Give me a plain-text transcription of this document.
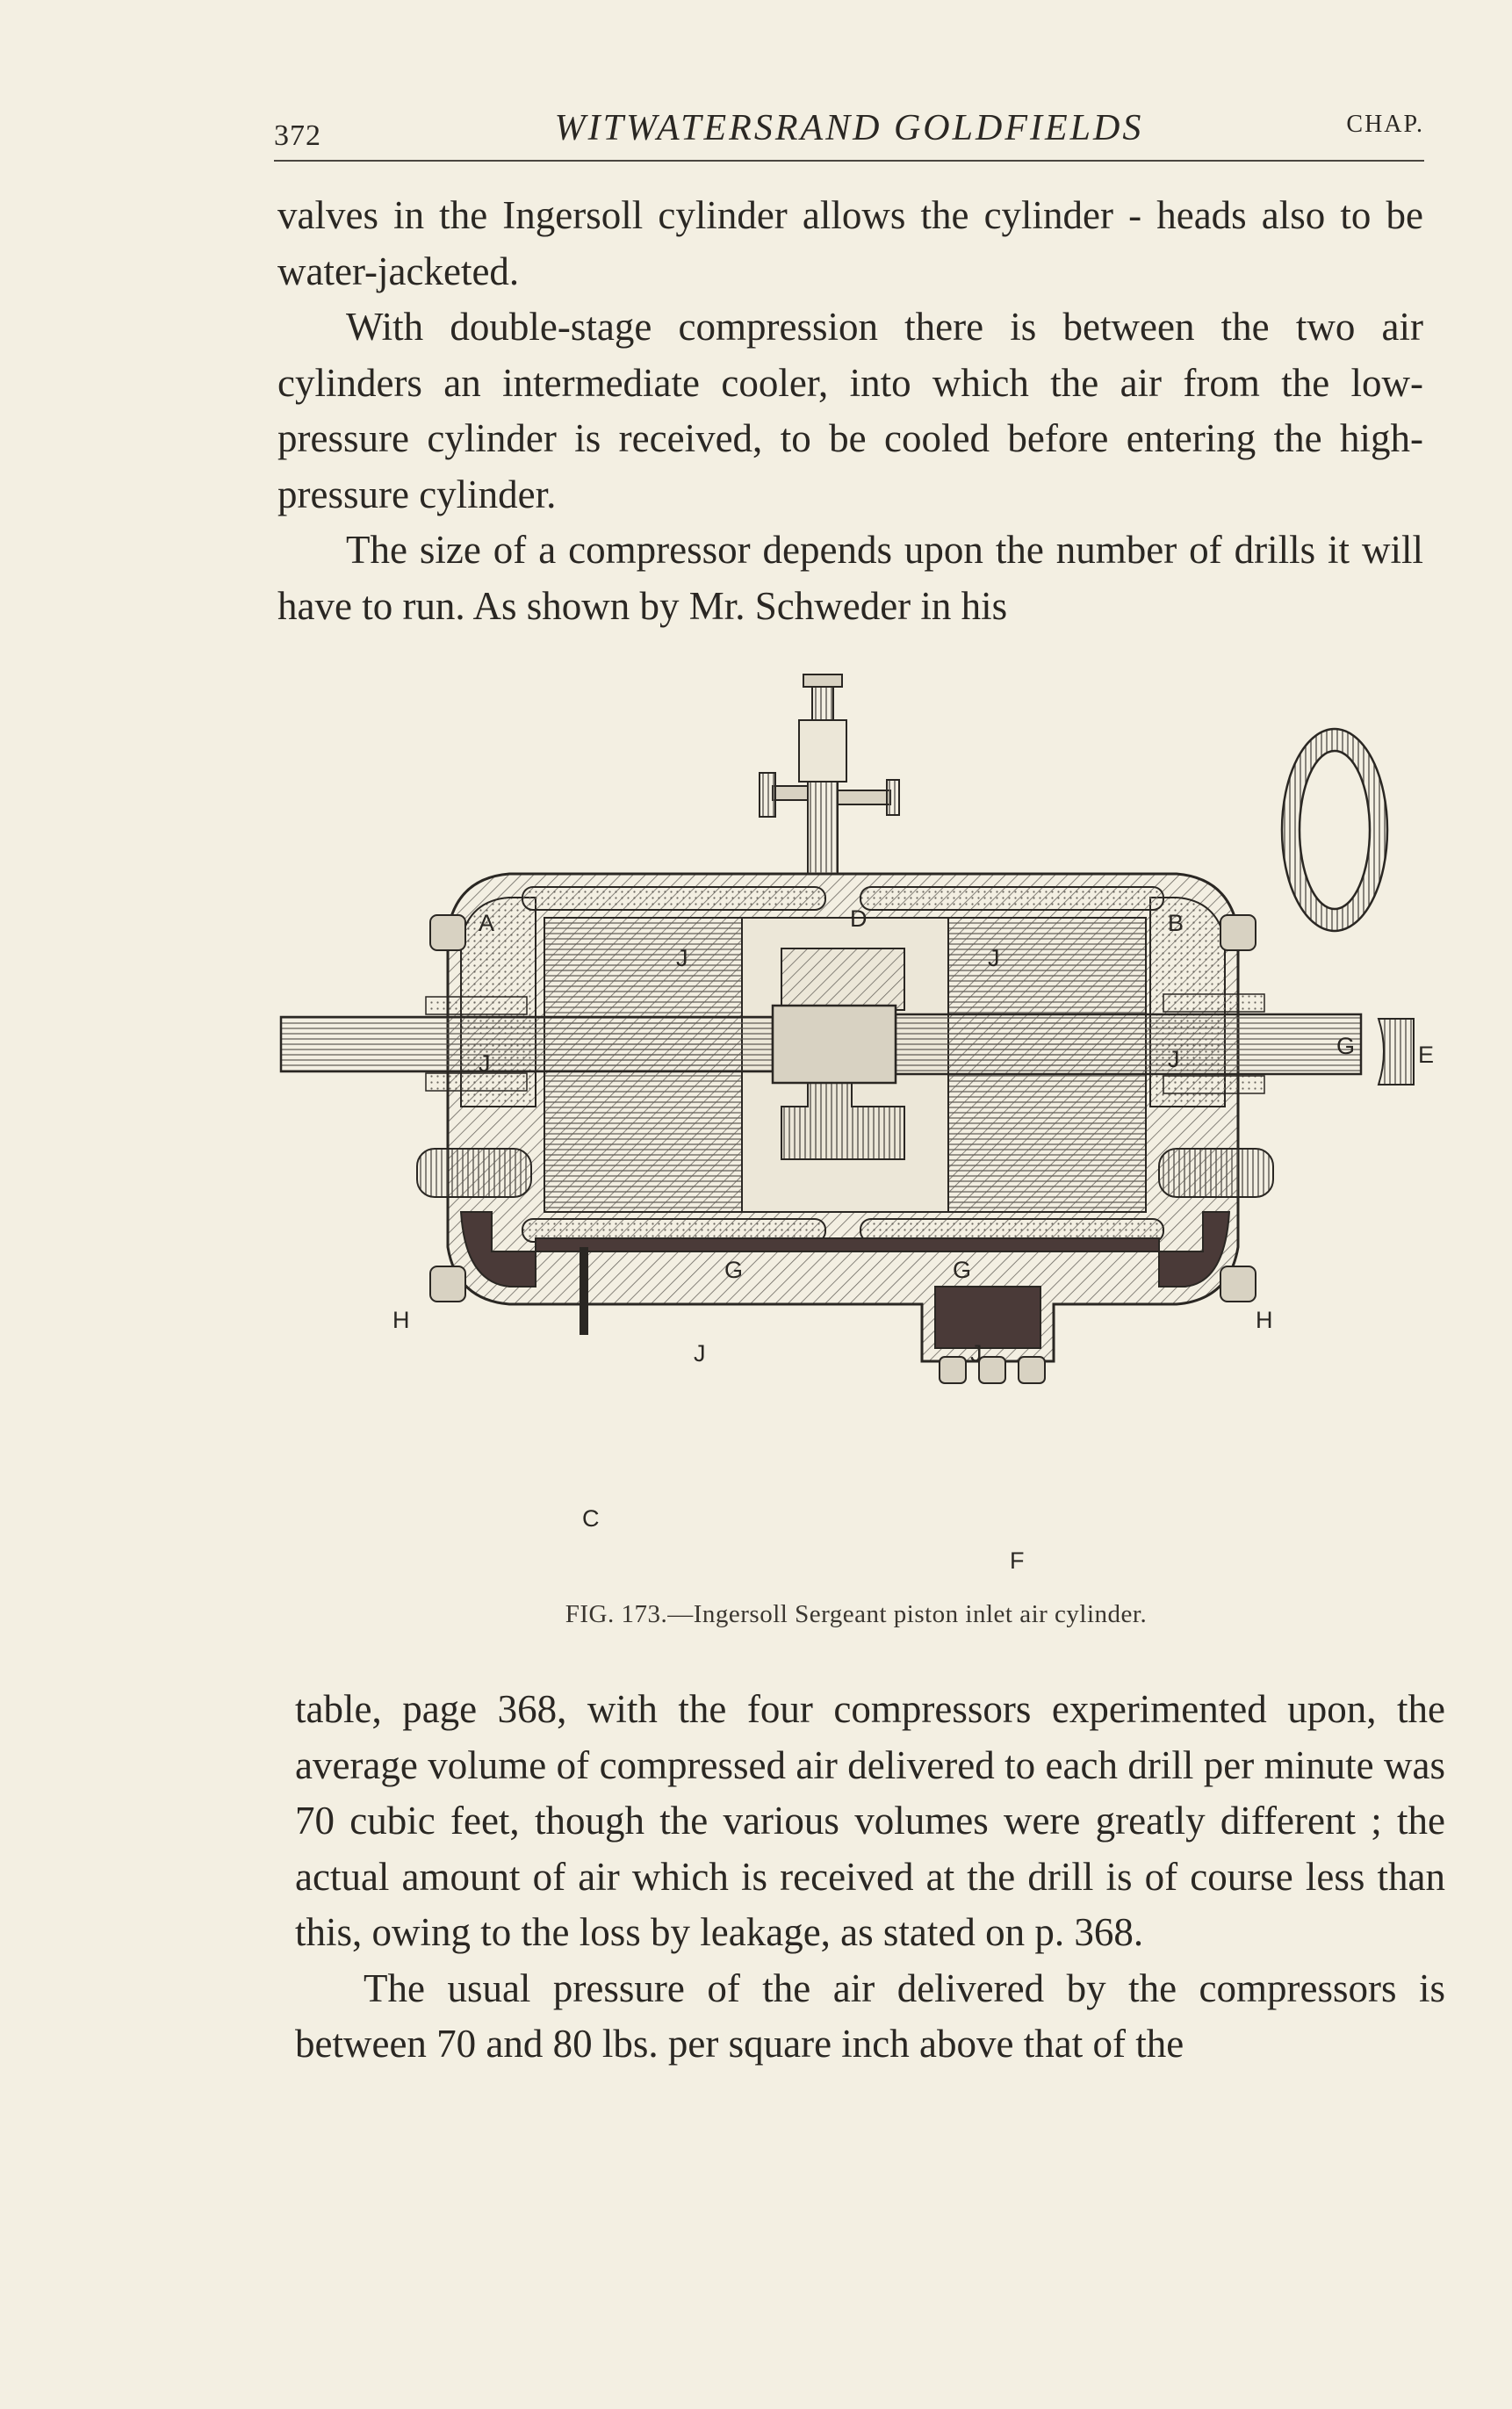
372	WITWATERSRAND GOLDFIELDS	CHAP.

valves in the Ingersoll cylinder allows the cylinder - heads also to be water-jacketed.

With double-stage compression there is between the two air cylinders an intermediate cooler, into which the air from the low-pressure cylinder is received, to be cooled before entering the high-pressure cylinder.

The size of a compressor depends upon the number of drills it will have to run. As shown by Mr. Schweder in his

A	B
C
D
E
F
G
G	G
H	H
J	J
J	J
J	J
FIG. 173.—Ingersoll Sergeant piston inlet air cylinder.

table, page 368, with the four compressors experimented upon, the average volume of compressed air delivered to each drill per minute was 70 cubic feet, though the various volumes were greatly different ; the actual amount of air which is received at the drill is of course less than this, owing to the loss by leakage, as stated on p. 368.

The usual pressure of the air delivered by the compressors is between 70 and 80 lbs. per square inch above that of the
